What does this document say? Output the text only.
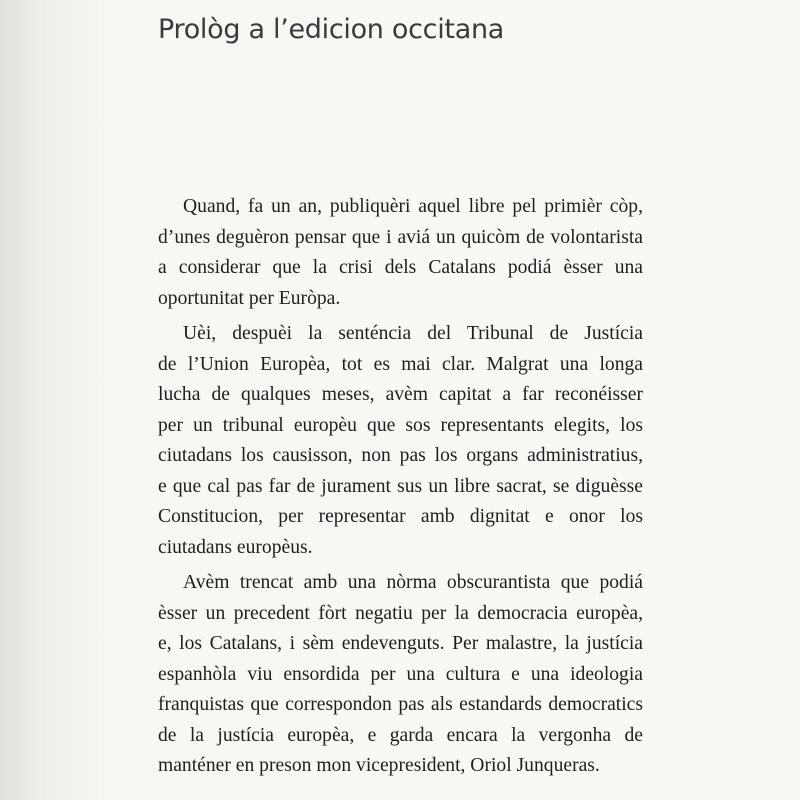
Prològ a l’edicion occitana

Quand, fa un an, publiquèri aquel libre pel primièr còp,
d’unes deguèron pensar que i aviá un quicòm de volontarista
a considerar que la crisi dels Catalans podiá èsser una
oportunitat per Euròpa.

Uèi, despuèi la senténcia del Tribunal de Justícia
de l’Union Europèa, tot es mai clar. Malgrat una longa
lucha de qualques meses, avèm capitat a far reconéisser
per un tribunal europèu que sos representants elegits, los
ciutadans los causisson, non pas los organs administratius,
e que cal pas far de jurament sus un libre sacrat, se diguèsse
Constitucion, per representar amb dignitat e onor los
ciutadans europèus.

Avèm trencat amb una nòrma obscurantista que podiá
èsser un precedent fòrt negatiu per la democracia europèa,
e, los Catalans, i sèm endevenguts. Per malastre, la justícia
espanhòla viu ensordida per una cultura e una ideologia
franquistas que correspondon pas als estandards democratics
de la justícia europèa, e garda encara la vergonha de
manténer en preson mon vicepresident, Oriol Junqueras.
